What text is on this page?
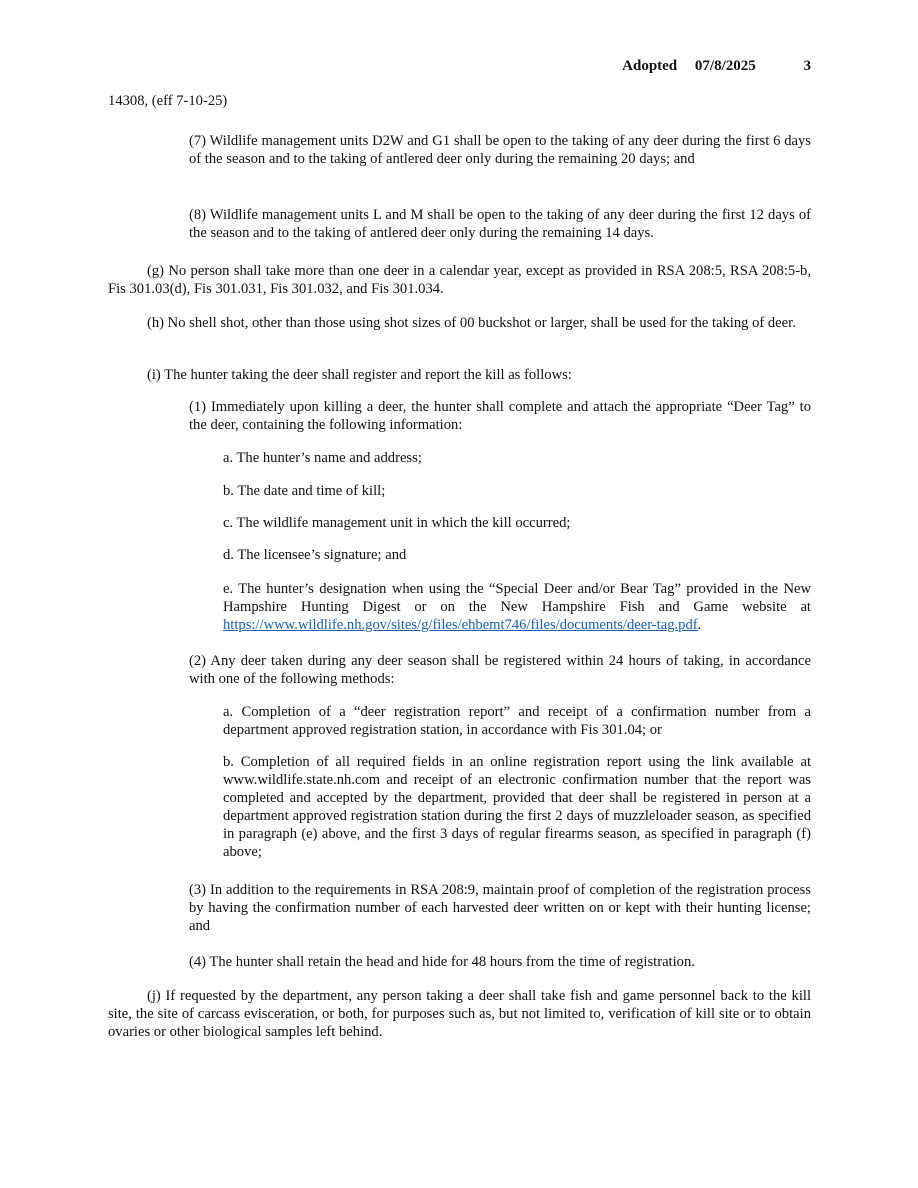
Adopted 07/8/2025	3
14308, (eff 7-10-25)
(7) Wildlife management units D2W and G1 shall be open to the taking of any deer during the first 6 days of the season and to the taking of antlered deer only during the remaining 20 days; and
(8) Wildlife management units L and M shall be open to the taking of any deer during the first 12 days of the season and to the taking of antlered deer only during the remaining 14 days.
(g) No person shall take more than one deer in a calendar year, except as provided in RSA 208:5, RSA 208:5-b, Fis 301.03(d), Fis 301.031, Fis 301.032, and Fis 301.034.
(h) No shell shot, other than those using shot sizes of 00 buckshot or larger, shall be used for the taking of deer.
(i) The hunter taking the deer shall register and report the kill as follows:
(1) Immediately upon killing a deer, the hunter shall complete and attach the appropriate “Deer Tag” to the deer, containing the following information:
a. The hunter’s name and address;
b. The date and time of kill;
c. The wildlife management unit in which the kill occurred;
d. The licensee’s signature; and
e. The hunter’s designation when using the “Special Deer and/or Bear Tag” provided in the New Hampshire Hunting Digest or on the New Hampshire Fish and Game website at https://www.wildlife.nh.gov/sites/g/files/ehbemt746/files/documents/deer-tag.pdf.
(2) Any deer taken during any deer season shall be registered within 24 hours of taking, in accordance with one of the following methods:
a. Completion of a “deer registration report” and receipt of a confirmation number from a department approved registration station, in accordance with Fis 301.04; or
b. Completion of all required fields in an online registration report using the link available at www.wildlife.state.nh.com and receipt of an electronic confirmation number that the report was completed and accepted by the department, provided that deer shall be registered in person at a department approved registration station during the first 2 days of muzzleloader season, as specified in paragraph (e) above, and the first 3 days of regular firearms season, as specified in paragraph (f) above;
(3) In addition to the requirements in RSA 208:9, maintain proof of completion of the registration process by having the confirmation number of each harvested deer written on or kept with their hunting license; and
(4) The hunter shall retain the head and hide for 48 hours from the time of registration.
(j) If requested by the department, any person taking a deer shall take fish and game personnel back to the kill site, the site of carcass evisceration, or both, for purposes such as, but not limited to, verification of kill site or to obtain ovaries or other biological samples left behind.
